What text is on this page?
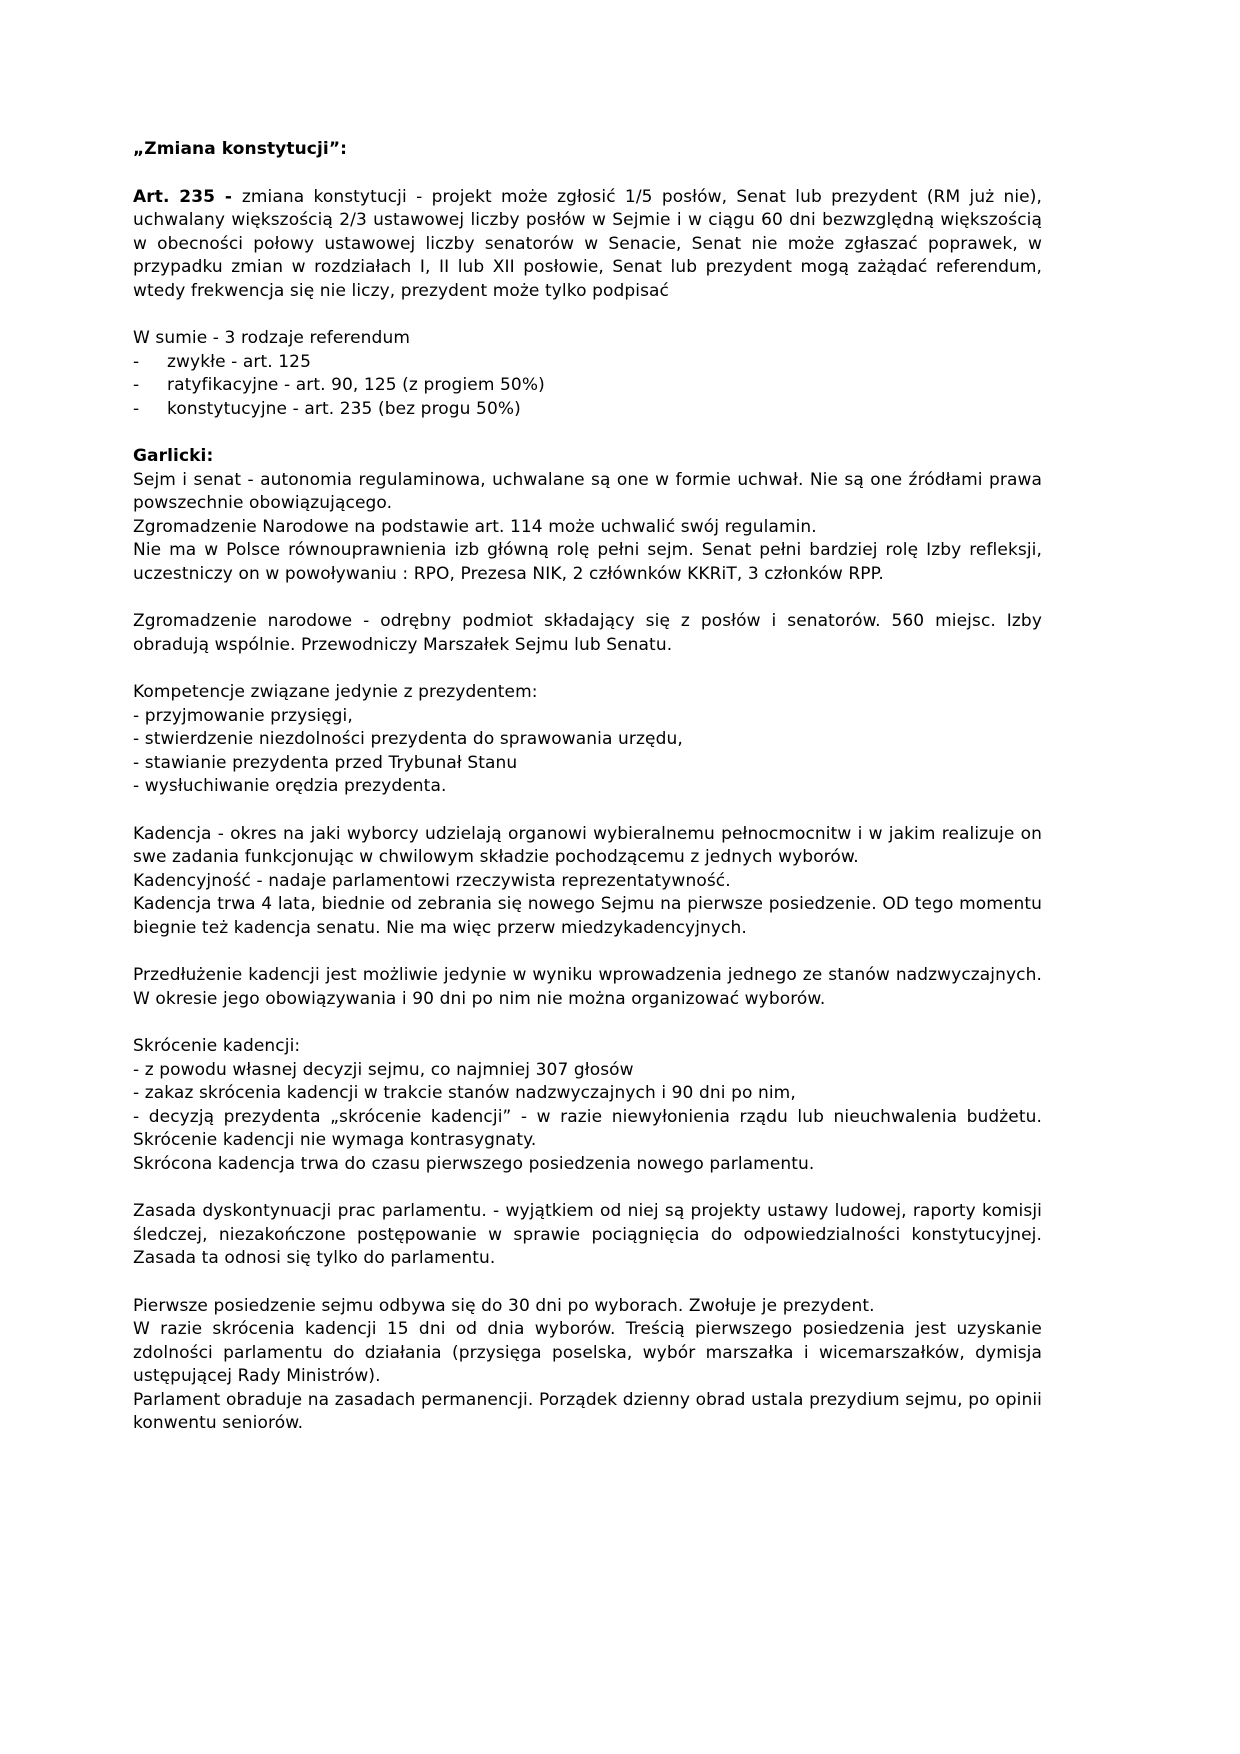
„Zmiana konstytucji”:

Art. 235 - zmiana konstytucji - projekt może zgłosić 1/5 posłów, Senat lub prezydent (RM już nie), uchwalany większością 2/3 ustawowej liczby posłów w Sejmie i w ciągu 60 dni bezwzględną większością w obecności połowy ustawowej liczby senatorów w Senacie, Senat nie może zgłaszać poprawek, w przypadku zmian w rozdziałach I, II lub XII posłowie, Senat lub prezydent mogą zażądać referendum, wtedy frekwencja się nie liczy, prezydent może tylko podpisać

W sumie - 3 rodzaje referendum

-	zwykłe - art. 125
-	ratyfikacyjne - art. 90, 125 (z progiem 50%)
-	konstytucyjne - art. 235 (bez progu 50%)

Garlicki:

Sejm i senat - autonomia regulaminowa, uchwalane są one w formie uchwał. Nie są one źródłami prawa powszechnie obowiązującego.

Zgromadzenie Narodowe na podstawie art. 114 może uchwalić swój regulamin.

Nie ma w Polsce równouprawnienia izb główną rolę pełni sejm. Senat pełni bardziej rolę Izby refleksji, uczestniczy on w powoływaniu : RPO, Prezesa NIK, 2 człównków KKRiT, 3 członków RPP.

Zgromadzenie narodowe - odrębny podmiot składający się z posłów i senatorów. 560 miejsc. Izby obradują wspólnie. Przewodniczy Marszałek Sejmu lub Senatu.

Kompetencje związane jedynie z prezydentem:

- przyjmowanie przysięgi,

- stwierdzenie niezdolności prezydenta do sprawowania urzędu,

- stawianie prezydenta przed Trybunał Stanu

- wysłuchiwanie orędzia prezydenta.

Kadencja - okres na jaki wyborcy udzielają organowi wybieralnemu pełnocmocnitw i w jakim realizuje on swe zadania funkcjonując w chwilowym składzie pochodzącemu z jednych wyborów.

Kadencyjność - nadaje parlamentowi rzeczywista reprezentatywność.

Kadencja trwa 4 lata, biednie od zebrania się nowego Sejmu na pierwsze posiedzenie. OD tego momentu biegnie też kadencja senatu. Nie ma więc przerw miedzykadencyjnych.

Przedłużenie kadencji jest możliwie jedynie w wyniku wprowadzenia jednego ze stanów nadzwyczajnych. W okresie jego obowiązywania i 90 dni po nim nie można organizować wyborów.

Skrócenie kadencji:

- z powodu własnej decyzji sejmu, co najmniej 307 głosów

- zakaz skrócenia kadencji w trakcie stanów nadzwyczajnych i 90 dni po nim,

- decyzją prezydenta „skrócenie kadencji” - w razie niewyłonienia rządu lub nieuchwalenia budżetu. Skrócenie kadencji nie wymaga kontrasygnaty.

Skrócona kadencja trwa do czasu pierwszego posiedzenia nowego parlamentu.

Zasada dyskontynuacji prac parlamentu. - wyjątkiem od niej są projekty ustawy ludowej, raporty komisji śledczej, niezakończone postępowanie w sprawie pociągnięcia do odpowiedzialności konstytucyjnej. Zasada ta odnosi się tylko do parlamentu.

Pierwsze posiedzenie sejmu odbywa się do 30 dni po wyborach. Zwołuje je prezydent.

W razie skrócenia kadencji 15 dni od dnia wyborów. Treścią pierwszego posiedzenia jest uzyskanie zdolności parlamentu do działania (przysięga poselska, wybór marszałka i wicemarszałków, dymisja ustępującej Rady Ministrów).

Parlament obraduje na zasadach permanencji. Porządek dzienny obrad ustala prezydium sejmu, po opinii konwentu seniorów.
